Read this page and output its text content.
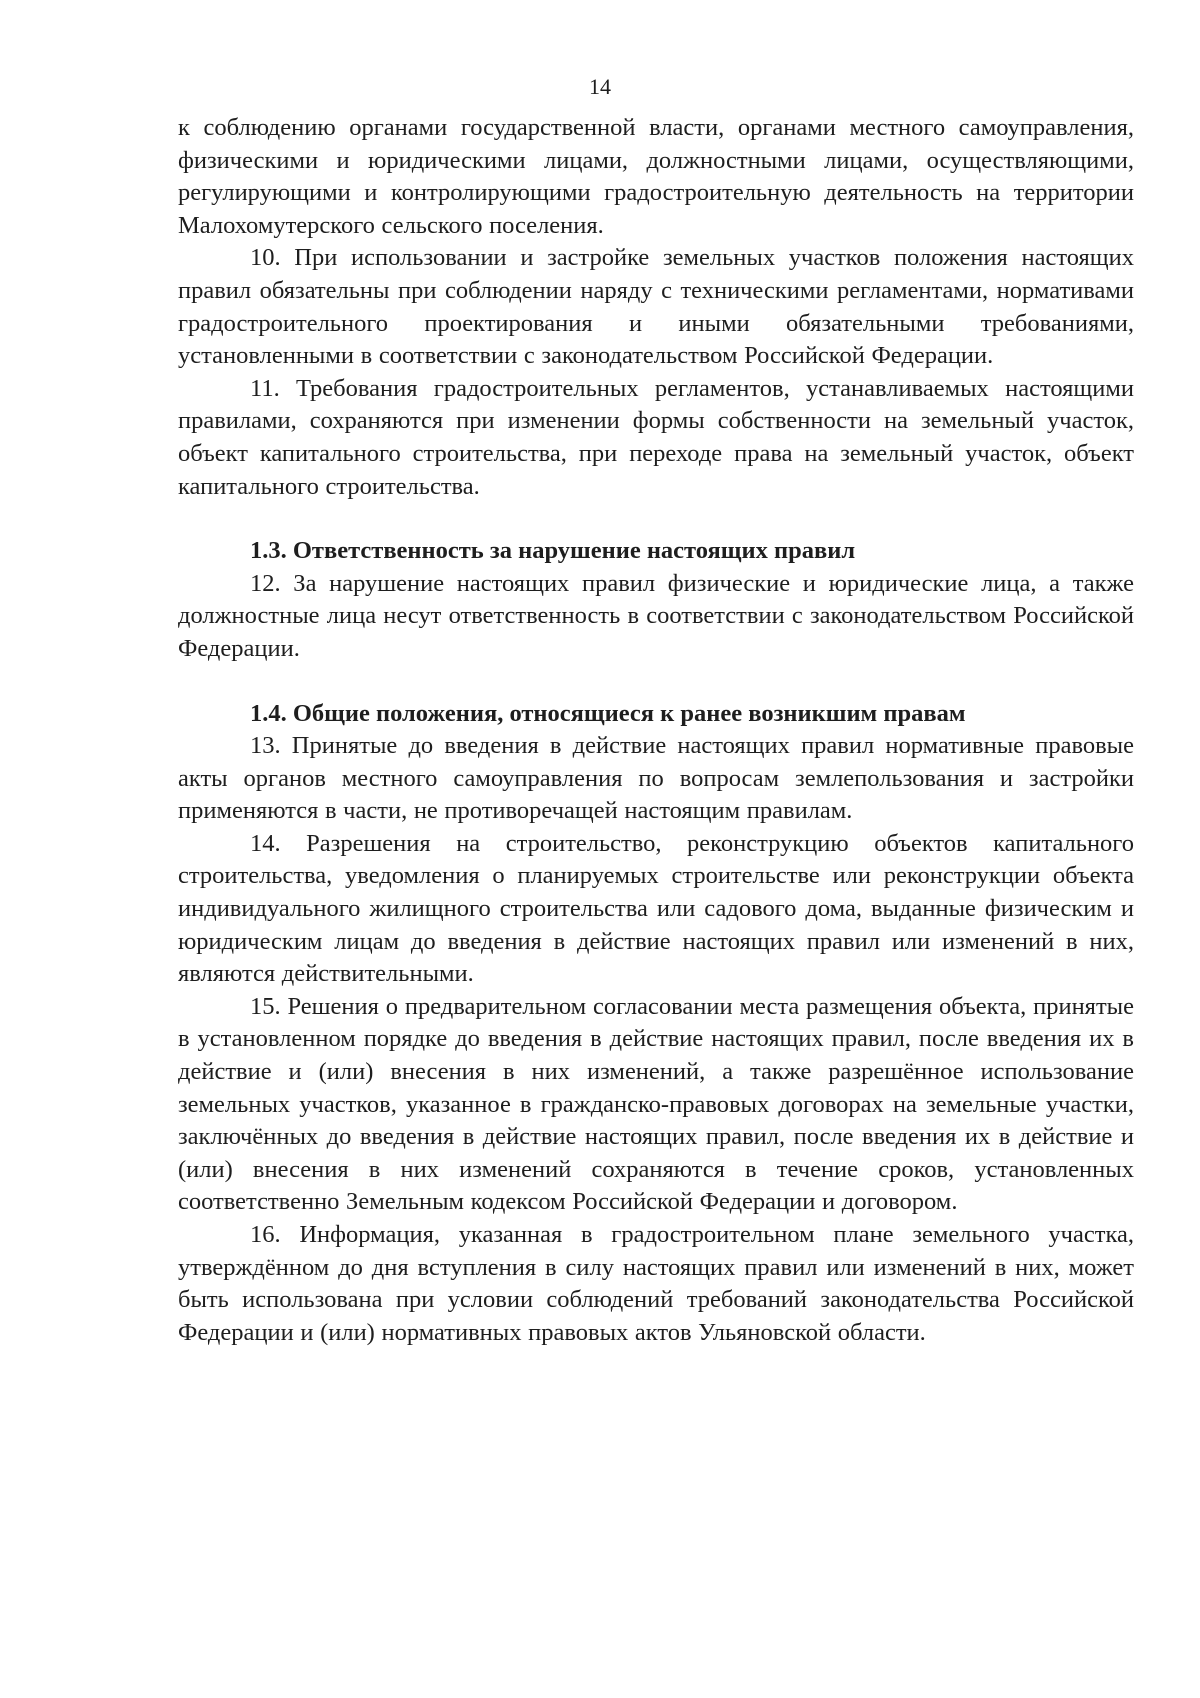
14

к соблюдению органами государственной власти, органами местного самоуправления, физическими и юридическими лицами, должностными лицами, осуществляющими, регулирующими и контролирующими градостроительную деятельность на территории Малохомутерского сельского поселения.

10. При использовании и застройке земельных участков положения настоящих правил обязательны при соблюдении наряду с техническими регламентами, нормативами градостроительного проектирования и иными обязательными требованиями, установленными в соответствии с законодательством Российской Федерации.

11. Требования градостроительных регламентов, устанавливаемых настоящими правилами, сохраняются при изменении формы собственности на земельный участок, объект капитального строительства, при переходе права на земельный участок, объект капитального строительства.

1.3. Ответственность за нарушение настоящих правил

12. За нарушение настоящих правил физические и юридические лица, а также должностные лица несут ответственность в соответствии с законодательством Российской Федерации.

1.4. Общие положения, относящиеся к ранее возникшим правам

13. Принятые до введения в действие настоящих правил нормативные правовые акты органов местного самоуправления по вопросам землепользования и застройки применяются в части, не противоречащей настоящим правилам.

14. Разрешения на строительство, реконструкцию объектов капитального строительства, уведомления о планируемых строительстве или реконструкции объекта индивидуального жилищного строительства или садового дома, выданные физическим и юридическим лицам до введения в действие настоящих правил или изменений в них, являются действительными.

15. Решения о предварительном согласовании места размещения объекта, принятые в установленном порядке до введения в действие настоящих правил, после введения их в действие и (или) внесения в них изменений, а также разрешённое использование земельных участков, указанное в гражданско-правовых договорах на земельные участки, заключённых до введения в действие настоящих правил, после введения их в действие и (или) внесения в них изменений сохраняются в течение сроков, установленных соответственно Земельным кодексом Российской Федерации и договором.

16. Информация, указанная в градостроительном плане земельного участка, утверждённом до дня вступления в силу настоящих правил или изменений в них, может быть использована при условии соблюдений требований законодательства Российской Федерации и (или) нормативных правовых актов Ульяновской области.
